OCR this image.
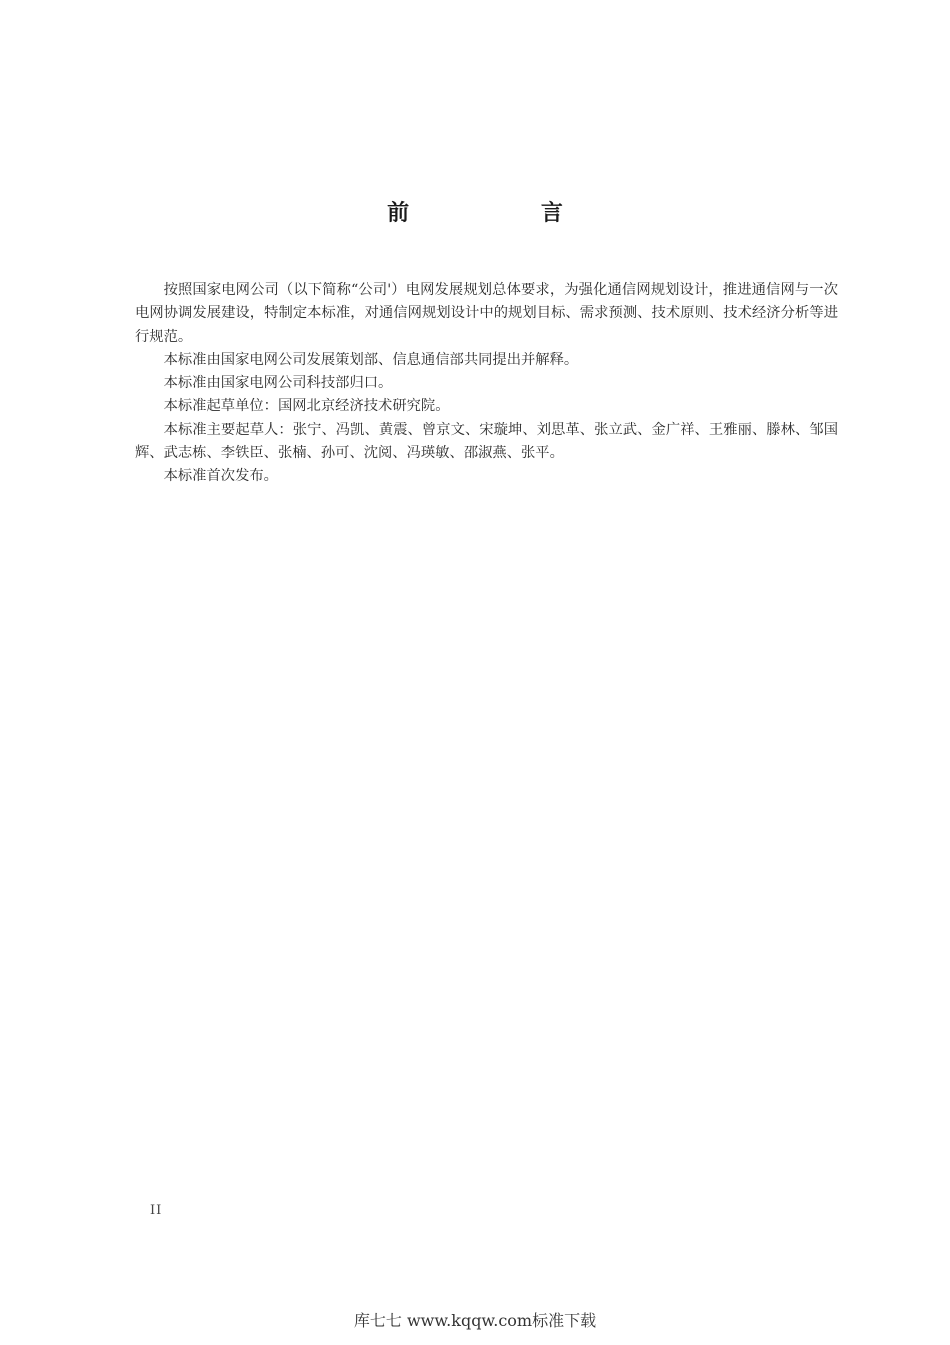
前 言

按照国家电网公司（以下简称“公司'）电网发展规划总体要求，为强化通信网规划设计，推进通信网与一次电网协调发展建设，特制定本标准，对通信网规划设计中的规划目标、需求预测、技术原则、技术经济分析等进行规范。

本标准由国家电网公司发展策划部、信息通信部共同提出并解释。

本标准由国家电网公司科技部归口。

本标准起草单位：国网北京经济技术研究院。

本标准主要起草人：张宁、冯凯、黄震、曾京文、宋璇坤、刘思革、张立武、金广祥、王雅丽、滕林、邹国辉、武志栋、李铁臣、张楠、孙可、沈阅、冯瑛敏、邵淑燕、张平。

本标准首次发布。

II
库七七 www.kqqw.com标准下载
